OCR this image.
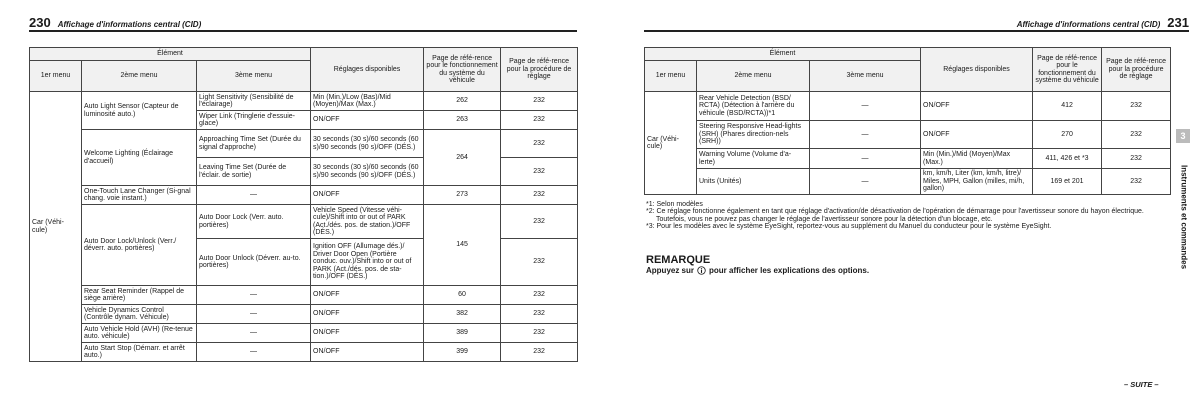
230 Affichage d'informations central (CID)
Élément			Réglages disponibles	Page de réfé-rence pour le fonctionnement du système du véhicule	Page de réfé-rence pour la procédure de réglage
1er menu	2ème menu	3ème menu			
Car (Véhi-cule)	Auto Light Sensor (Capteur de luminosité auto.)	Light Sensitivity (Sensibilité de l'éclairage)	Min (Min.)/Low (Bas)/Mid (Moyen)/Max (Max.)	262	232
		Wiper Link (Tringlerie d'essuie-glace)	ON/OFF	263	232
	Welcome Lighting (Éclairage d'accueil)	Approaching Time Set (Durée du signal d'approche)	30 seconds (30 s)/60 seconds (60 s)/90 seconds (90 s)/OFF (DÉS.)	264	232
		Leaving Time Set (Durée de l'éclair. de sortie)	30 seconds (30 s)/60 seconds (60 s)/90 seconds (90 s)/OFF (DÉS.)		232
	One-Touch Lane Changer (Si-gnal chang. voie instant.)	—	ON/OFF	273	232
	Auto Door Lock/Unlock (Verr./ déverr. auto. portières)	Auto Door Lock (Verr. auto. portières)	Vehicle Speed (Vitesse véhi-cule)/Shift into or out of PARK (Act./dés. pos. de station.)/OFF (DÉS.)	145	232
		Auto Door Unlock (Déverr. au-to. portières)	Ignition OFF (Allumage dés.)/ Driver Door Open (Portière conduc. ouv.)/Shift into or out of PARK (Act./dés. pos. de sta-tion.)/OFF (DÉS.)		232
	Rear Seat Reminder (Rappel de siège arrière)	—	ON/OFF	60	232
	Vehicle Dynamics Control (Contrôle dynam. Véhicule)	—	ON/OFF	382	232
	Auto Vehicle Hold (AVH) (Re-tenue auto. véhicule)	—	ON/OFF	389	232
	Auto Start Stop (Démarr. et arrêt auto.)	—	ON/OFF	399	232
Affichage d'informations central (CID) 231
Élément			Réglages disponibles	Page de réfé-rence pour le fonctionnement du système du véhicule	Page de réfé-rence pour la procédure de réglage
1er menu	2ème menu	3ème menu			
Car (Véhi-cule)	Rear Vehicle Detection (BSD/ RCTA) (Détection à l'arrière du véhicule (BSD/RCTA))*1	—	ON/OFF	412	232
	Steering Responsive Head-lights (SRH) (Phares direction-nels (SRH))	—	ON/OFF	270	232
	Warning Volume (Volume d'a-lerte)	—	Min (Min.)/Mid (Moyen)/Max (Max.)	411, 426 et *3	232
	Units (Unités)	—	km, km/h, Liter (km, km/h, litre)/ Miles, MPH, Gallon (milles, mi/h, gallon)	169 et 201	232
*1: Selon modèles
*2: Ce réglage fonctionne également en tant que réglage d'activation/de désactivation de l'opération de démarrage pour l'avertisseur sonore du hayon électrique.
Toutefois, vous ne pouvez pas changer le réglage de l'avertisseur sonore pour la détection d'un blocage, etc.
*3: Pour les modèles avec le système EyeSight, reportez-vous au supplément du Manuel du conducteur pour le système EyeSight.
REMARQUE
Appuyez sur pour afficher les explications des options.
3
Instruments et commandes
– SUITE –
